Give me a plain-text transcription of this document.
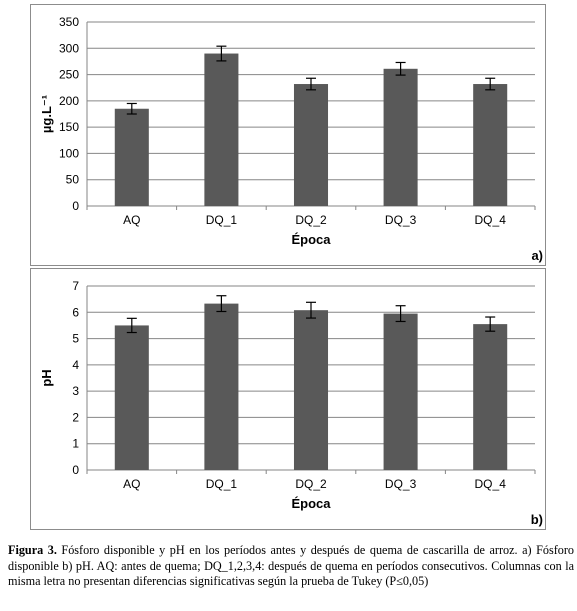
0
50
100
150
200
250
300
350
AQ	DQ_1	DQ_2	DQ_3	DQ_4
Época
µg.L⁻¹
a)
0
1
2
3
4
5
6
7
AQ	DQ_1	DQ_2	DQ_3	DQ_4
Época
pH
b)
Figura 3. Fósforo disponible y pH en los períodos antes y después de quema de cascarilla de arroz. a) Fósforo disponible b) pH. AQ: antes de quema; DQ_1,2,3,4: después de quema en períodos consecutivos. Columnas con la misma letra no presentan diferencias significativas según la prueba de Tukey (P≤0,05)
